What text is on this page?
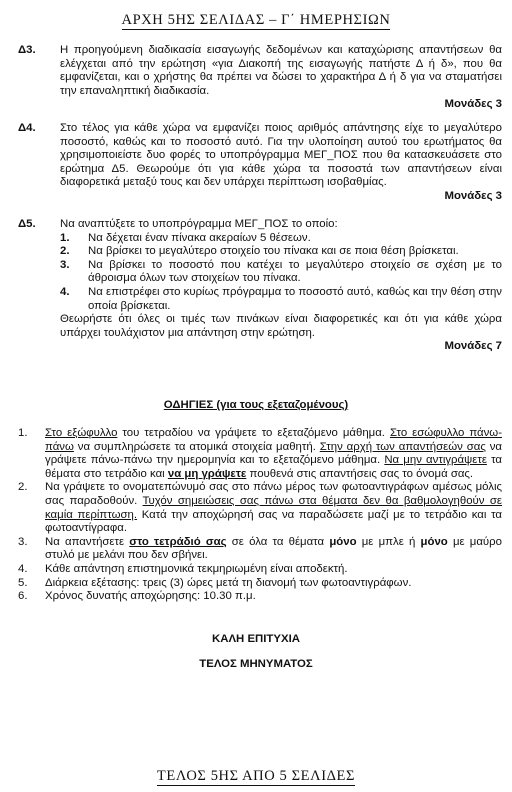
ΑΡΧΗ 5ΗΣ ΣΕΛΙΔΑΣ – Γ΄ ΗΜΕΡΗΣΙΩΝ
Δ3. Η προηγούμενη διαδικασία εισαγωγής δεδομένων και καταχώρισης απαντήσεων θα ελέγχεται από την ερώτηση «για Διακοπή της εισαγωγής πατήστε Δ ή δ», που θα εμφανίζεται, και ο χρήστης θα πρέπει να δώσει το χαρακτήρα Δ ή δ για να σταματήσει την επαναληπτική διαδικασία.

Μονάδες 3
Δ4. Στο τέλος για κάθε χώρα να εμφανίζει ποιος αριθμός απάντησης είχε το μεγαλύτερο ποσοστό, καθώς και το ποσοστό αυτό. Για την υλοποίηση αυτού του ερωτήματος θα χρησιμοποιείστε δυο φορές το υποπρόγραμμα ΜΕΓ_ΠΟΣ που θα κατασκευάσετε στο ερώτημα Δ5. Θεωρούμε ότι για κάθε χώρα τα ποσοστά των απαντήσεων είναι διαφορετικά μεταξύ τους και δεν υπάρχει περίπτωση ισοβαθμίας.

Μονάδες 3
Δ5. Να αναπτύξετε το υποπρόγραμμα ΜΕΓ_ΠΟΣ το οποίο:

1. Να δέχεται έναν πίνακα ακεραίων 5 θέσεων.
2. Να βρίσκει το μεγαλύτερο στοιχείο του πίνακα και σε ποια θέση βρίσκεται.
3. Να βρίσκει το ποσοστό που κατέχει το μεγαλύτερο στοιχείο σε σχέση με το άθροισμα όλων των στοιχείων του πίνακα.
4. Να επιστρέφει στο κυρίως πρόγραμμα το ποσοστό αυτό, καθώς και την θέση στην οποία βρίσκεται.

Θεωρήστε ότι όλες οι τιμές των πινάκων είναι διαφορετικές και ότι για κάθε χώρα υπάρχει τουλάχιστον μια απάντηση στην ερώτηση.

Μονάδες 7
ΟΔΗΓΙΕΣ (για τους εξεταζομένους)
1. Στο εξώφυλλο του τετραδίου να γράψετε το εξεταζόμενο μάθημα. Στο εσώφυλλο πάνω-πάνω να συμπληρώσετε τα ατομικά στοιχεία μαθητή. Στην αρχή των απαντήσεών σας να γράψετε πάνω-πάνω την ημερομηνία και το εξεταζόμενο μάθημα. Να μην αντιγράψετε τα θέματα στο τετράδιο και να μη γράψετε πουθενά στις απαντήσεις σας το όνομά σας.
2. Να γράψετε το ονοματεπώνυμό σας στο πάνω μέρος των φωτοαντιγράφων αμέσως μόλις σας παραδοθούν. Τυχόν σημειώσεις σας πάνω στα θέματα δεν θα βαθμολογηθούν σε καμία περίπτωση. Κατά την αποχώρησή σας να παραδώσετε μαζί με το τετράδιο και τα φωτοαντίγραφα.
3. Να απαντήσετε στο τετράδιό σας σε όλα τα θέματα μόνο με μπλε ή μόνο με μαύρο στυλό με μελάνι που δεν σβήνει.
4. Κάθε απάντηση επιστημονικά τεκμηριωμένη είναι αποδεκτή.
5. Διάρκεια εξέτασης: τρεις (3) ώρες μετά τη διανομή των φωτοαντιγράφων.
6. Χρόνος δυνατής αποχώρησης: 10.30 π.μ.
ΚΑΛΗ ΕΠΙΤΥΧΙΑ
ΤΕΛΟΣ ΜΗΝΥΜΑΤΟΣ
ΤΕΛΟΣ 5ΗΣ ΑΠΟ 5 ΣΕΛΙΔΕΣ
